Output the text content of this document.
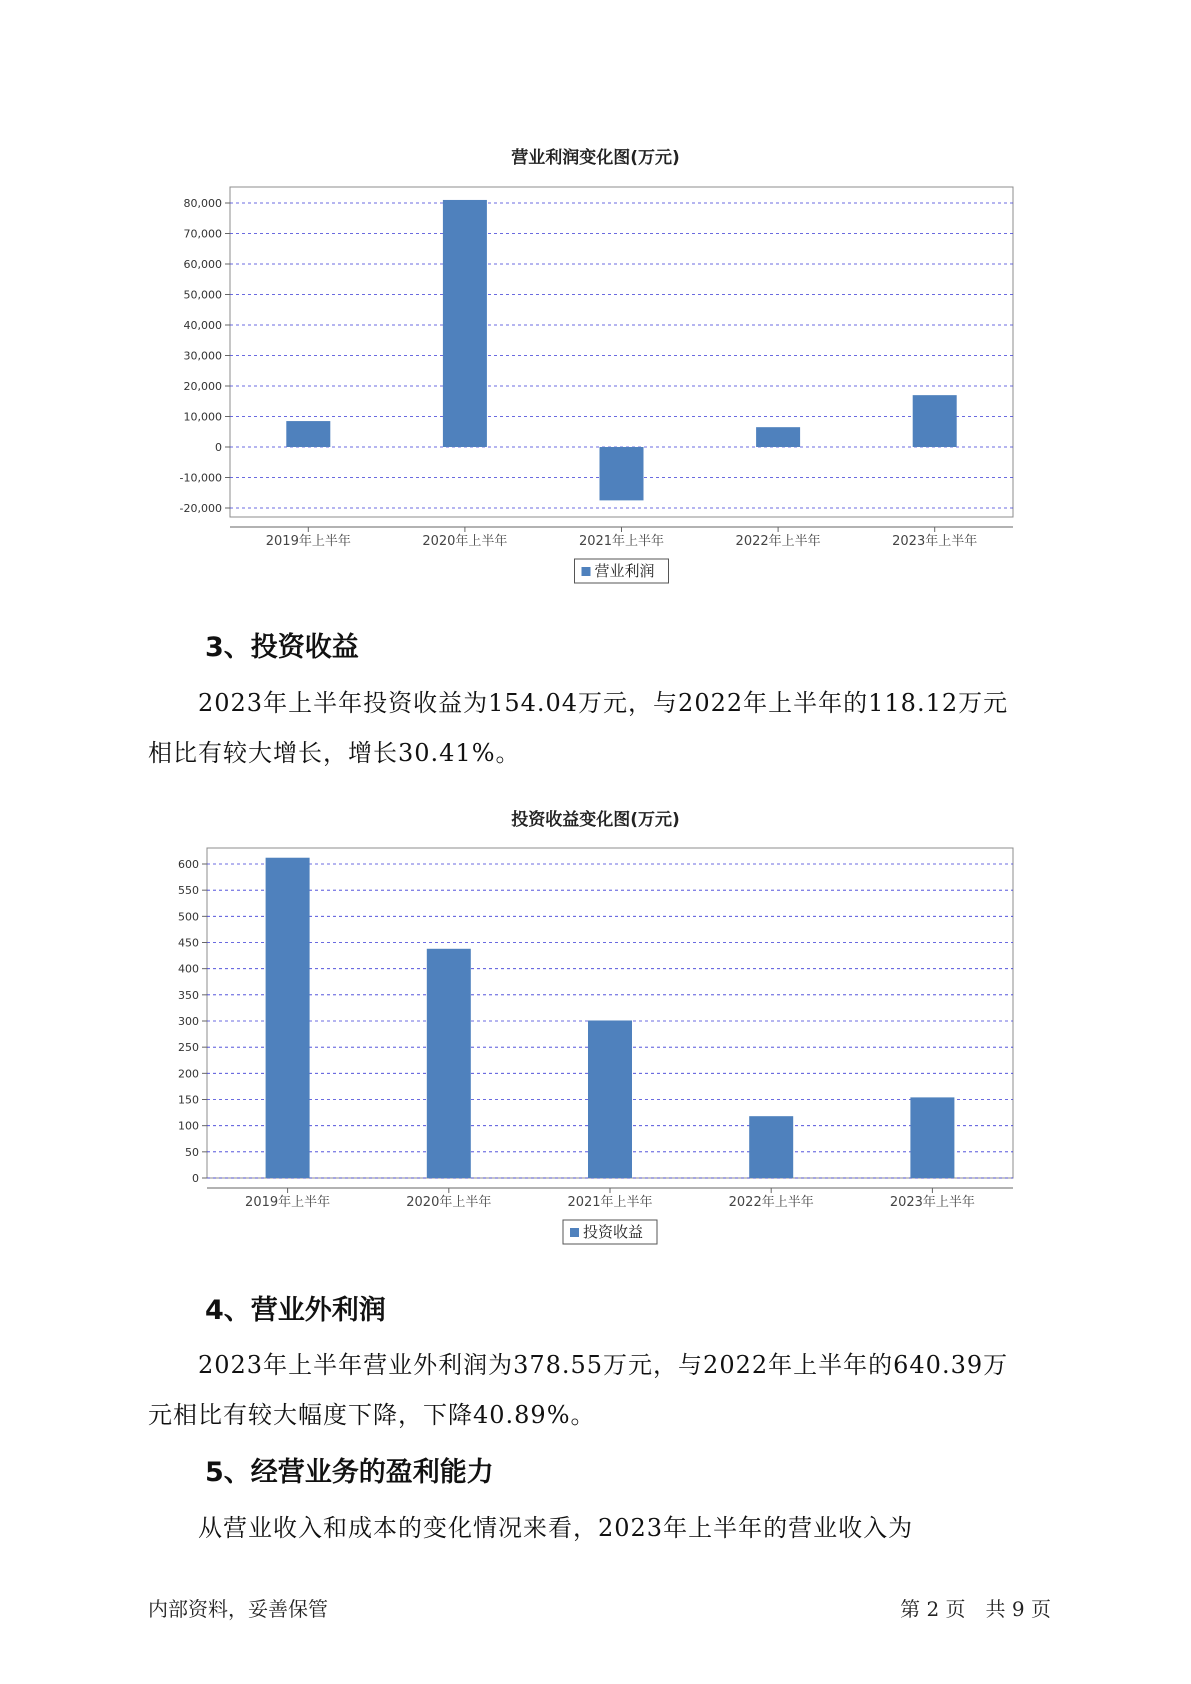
营业利润变化图(万元)
-20,000
-10,000
0
10,000
20,000
30,000
40,000
50,000
60,000
70,000
80,000
2019年上半年	2020年上半年	2021年上半年	2022年上半年	2023年上半年
营业利润
3、投资收益

2023年上半年投资收益为154.04万元，与2022年上半年的118.12万元

相比有较大增长，增长30.41%。

投资收益变化图(万元)
0
50
100
150
200
250
300
350
400
450
500
550
600
2019年上半年	2020年上半年	2021年上半年	2022年上半年	2023年上半年
投资收益
4、营业外利润

2023年上半年营业外利润为378.55万元，与2022年上半年的640.39万

元相比有较大幅度下降，下降40.89%。

5、经营业务的盈利能力

从营业收入和成本的变化情况来看，2023年上半年的营业收入为

内部资料，妥善保管	第 2 页　共 9 页
